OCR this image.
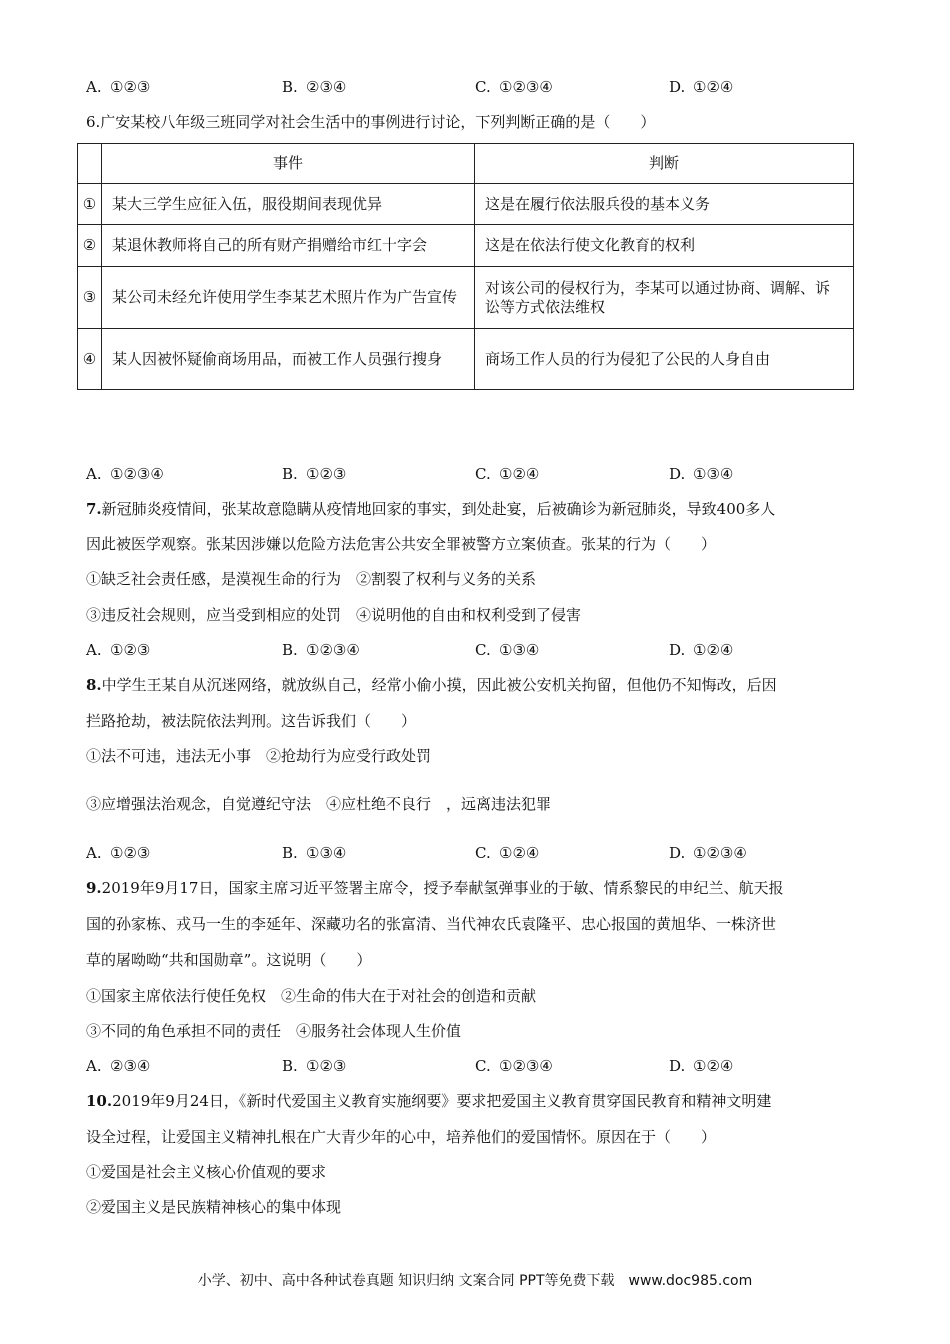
A. ①②③	B. ②③④	C. ①②③④	D. ①②④
6.广安某校八年级三班同学对社会生活中的事例进行讨论，下列判断正确的是（　　）
	事件	判断
①	某大三学生应征入伍，服役期间表现优异	这是在履行依法服兵役的基本义务
②	某退休教师将自己的所有财产捐赠给市红十字会	这是在依法行使文化教育的权利
③	某公司未经允许使用学生李某艺术照片作为广告宣传	对该公司的侵权行为，李某可以通过协商、调解、诉讼等方式依法维权
④	某人因被怀疑偷商场用品，而被工作人员强行搜身	商场工作人员的行为侵犯了公民的人身自由
A. ①②③④	B. ①②③	C. ①②④	D. ①③④
7.新冠肺炎疫情间，张某故意隐瞒从疫情地回家的事实，到处赴宴，后被确诊为新冠肺炎，导致400多人
因此被医学观察。张某因涉嫌以危险方法危害公共安全罪被警方立案侦查。张某的行为（　　）
①缺乏社会责任感，是漠视生命的行为　②割裂了权利与义务的关系
③违反社会规则，应当受到相应的处罚　④说明他的自由和权利受到了侵害
A. ①②③	B. ①②③④	C. ①③④	D. ①②④
8.中学生王某自从沉迷网络，就放纵自己，经常小偷小摸，因此被公安机关拘留，但他仍不知悔改，后因
拦路抢劫，被法院依法判刑。这告诉我们（　　）
①法不可违，违法无小事　②抢劫行为应受行政处罚
③应增强法治观念，自觉遵纪守法　④应杜绝不良行　，远离违法犯罪
A. ①②③	B. ①③④	C. ①②④	D. ①②③④
9.2019年9月17日，国家主席习近平签署主席令，授予奉献氢弹事业的于敏、情系黎民的申纪兰、航天报
国的孙家栋、戎马一生的李延年、深藏功名的张富清、当代神农氏袁隆平、忠心报国的黄旭华、一株济世
草的屠呦呦“共和国勋章”。这说明（　　）
①国家主席依法行使任免权　②生命的伟大在于对社会的创造和贡献
③不同的角色承担不同的责任　④服务社会体现人生价值
A. ②③④	B. ①②③	C. ①②③④	D. ①②④
10.2019年9月24日，《新时代爱国主义教育实施纲要》要求把爱国主义教育贯穿国民教育和精神文明建
设全过程，让爱国主义精神扎根在广大青少年的心中，培养他们的爱国情怀。原因在于（　　）
①爱国是社会主义核心价值观的要求
②爱国主义是民族精神核心的集中体现
小学、初中、高中各种试卷真题 知识归纳 文案合同 PPT等免费下载　www.doc985.com
